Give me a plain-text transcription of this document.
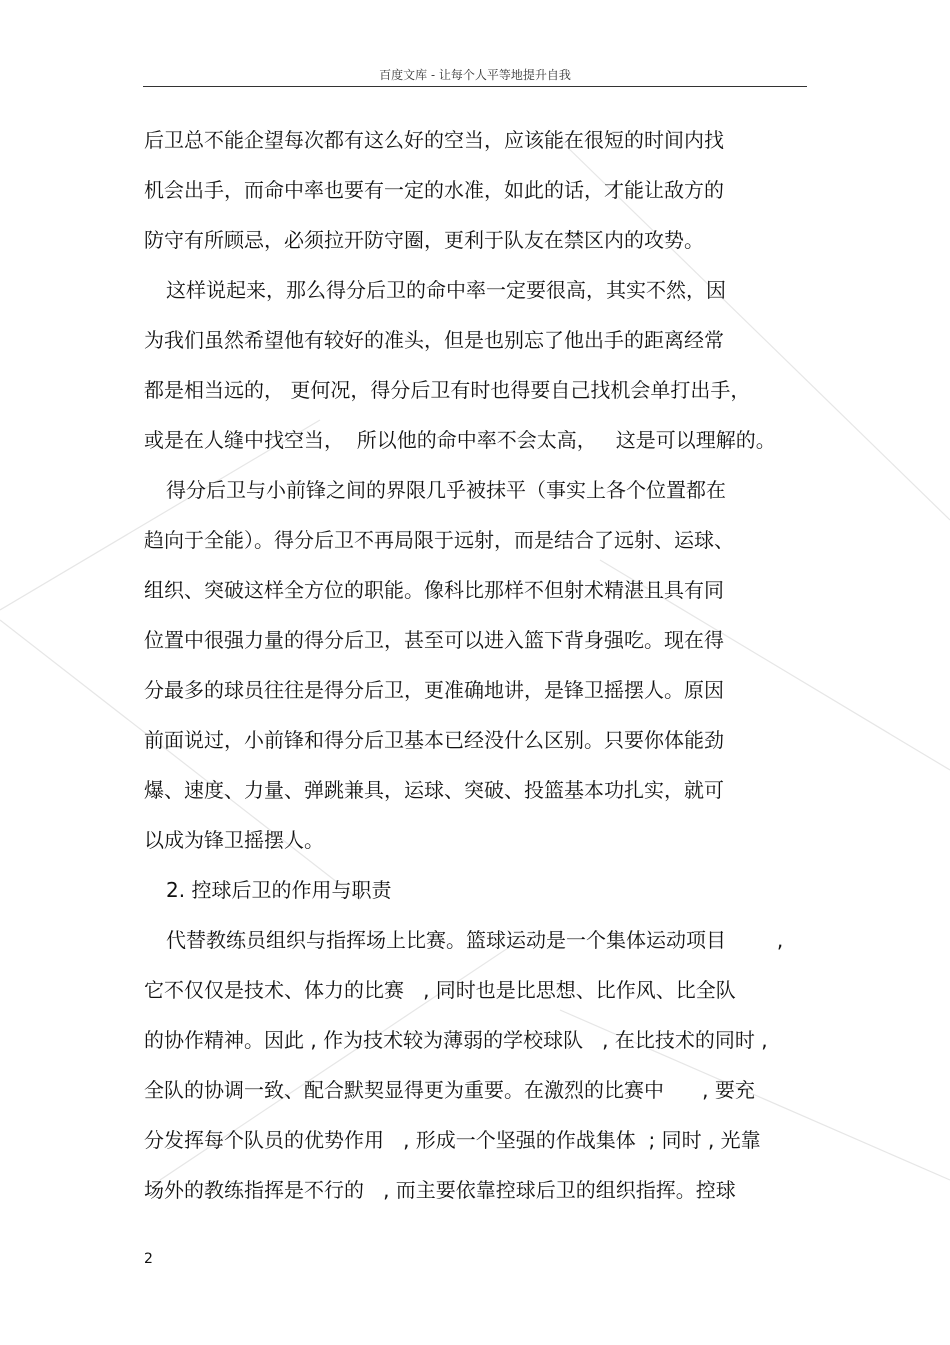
百度文库 - 让每个人平等地提升自我
后卫总不能企望每次都有这么好的空当，应该能在很短的时间内找
机会出手，而命中率也要有一定的水准，如此的话，才能让敌方的
防守有所顾忌，必须拉开防守圈，更利于队友在禁区内的攻势。
这样说起来，那么得分后卫的命中率一定要很高，其实不然，因
为我们虽然希望他有较好的准头，但是也别忘了他出手的距离经常
都是相当远的， 更何况，得分后卫有时也得要自己找机会单打出手，
或是在人缝中找空当，  所以他的命中率不会太高，   这是可以理解的。
得分后卫与小前锋之间的界限几乎被抹平（事实上各个位置都在
趋向于全能）。得分后卫不再局限于远射，而是结合了远射、运球、
组织、突破这样全方位的职能。像科比那样不但射术精湛且具有同
位置中很强力量的得分后卫，甚至可以进入篮下背身强吃。现在得
分最多的球员往往是得分后卫，更准确地讲，是锋卫摇摆人。原因
前面说过，小前锋和得分后卫基本已经没什么区别。只要你体能劲
爆、速度、力量、弹跳兼具，运球、突破、投篮基本功扎实，就可
以成为锋卫摇摆人。
2. 控球后卫的作用与职责
代替教练员组织与指挥场上比赛。篮球运动是一个集体运动项目        ,
它不仅仅是技术、体力的比赛   , 同时也是比思想、比作风、比全队
的协作精神。因此 , 作为技术较为薄弱的学校球队   , 在比技术的同时 ,
全队的协调一致、配合默契显得更为重要。在激烈的比赛中      , 要充
分发挥每个队员的优势作用   , 形成一个坚强的作战集体  ; 同时 , 光靠
场外的教练指挥是不行的   , 而主要依靠控球后卫的组织指挥。控球
2
